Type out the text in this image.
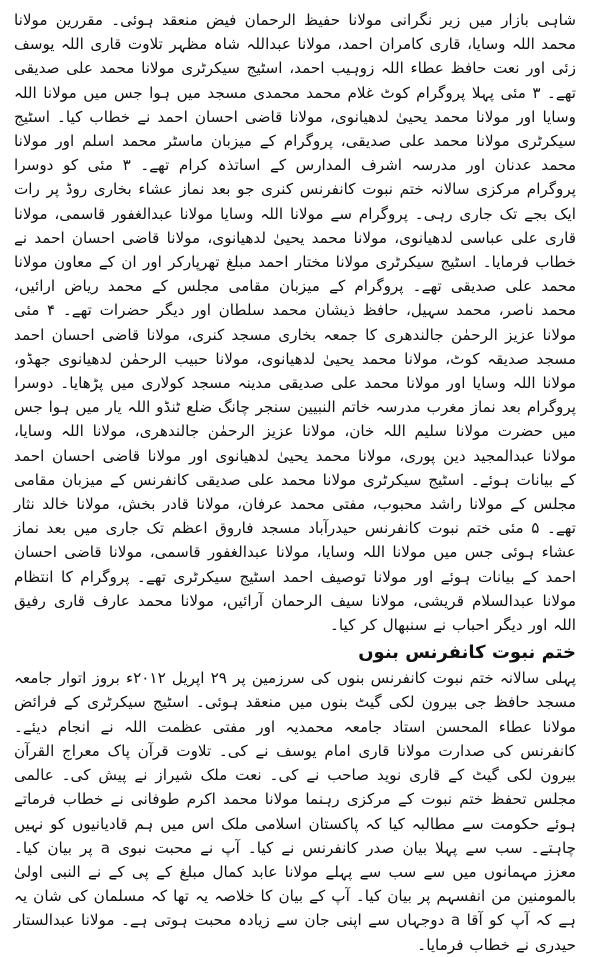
شاہی بازار میں زیر نگرانی مولانا حفیظ الرحمان فیض منعقد ہوئی۔ مقررین مولانا محمد اللہ وسایا، قاری کامران احمد، مولانا عبداللہ شاہ مظہر تلاوت قاری اللہ یوسف زئی اور نعت حافظ عطاء اللہ زوہیب احمد، اسٹیج سیکرٹری مولانا محمد علی صدیقی تھے۔ ۳ مئی پہلا پروگرام کوٹ غلام محمد محمدی مسجد میں ہوا جس میں مولانا اللہ وسایا اور مولانا محمد یحییٰ لدھیانوی، مولانا قاضی احسان احمد نے خطاب کیا۔ اسٹیج سیکرٹری مولانا محمد علی صدیقی، پروگرام کے میزبان ماسٹر محمد اسلم اور مولانا محمد عدنان اور مدرسہ اشرف المدارس کے اساتذہ کرام تھے۔ ۳ مئی کو دوسرا پروگرام مرکزی سالانہ ختم نبوت کانفرنس کنری جو بعد نماز عشاء بخاری روڈ پر رات ایک بجے تک جاری رہی۔ پروگرام سے مولانا اللہ وسایا مولانا عبدالغفور قاسمی، مولانا قاری علی عباسی لدھیانوی، مولانا محمد یحییٰ لدھیانوی، مولانا قاضی احسان احمد نے خطاب فرمایا۔ اسٹیج سیکرٹری مولانا مختار احمد مبلغ تھرپارکر اور ان کے معاون مولانا محمد علی صدیقی تھے۔ پروگرام کے میزبان مقامی مجلس کے محمد ریاض ارائیں، محمد ناصر، محمد سہیل، حافظ ذیشان محمد سلطان اور دیگر حضرات تھے۔ ۴ مئی مولانا عزیز الرحمٰن جالندھری کا جمعہ بخاری مسجد کنری، مولانا قاضی احسان احمد مسجد صدیقہ کوٹ، مولانا محمد یحییٰ لدھیانوی، مولانا حبیب الرحمٰن لدھیانوی جھڈو، مولانا اللہ وسایا اور مولانا محمد علی صدیقی مدینہ مسجد کولاری میں پڑھایا۔ دوسرا پروگرام بعد نماز مغرب مدرسہ خاتم النبیین سنجر چانگ ضلع ٹنڈو اللہ یار میں ہوا جس میں حضرت مولانا سلیم اللہ خان، مولانا عزیز الرحمٰن جالندھری، مولانا اللہ وسایا، مولانا عبدالمجید دین پوری، مولانا محمد یحییٰ لدھیانوی اور مولانا قاضی احسان احمد کے بیانات ہوئے۔ اسٹیج سیکرٹری مولانا محمد علی صدیقی کانفرنس کے میزبان مقامی مجلس کے مولانا راشد محبوب، مفتی محمد عرفان، مولانا قادر بخش، مولانا خالد نثار تھے۔ ۵ مئی ختم نبوت کانفرنس حیدرآباد مسجد فاروق اعظم تک جاری میں بعد نماز عشاء ہوئی جس میں مولانا اللہ وسایا، مولانا عبدالغفور قاسمی، مولانا قاضی احسان احمد کے بیانات ہوئے اور مولانا توصیف احمد اسٹیج سیکرٹری تھے۔ پروگرام کا انتظام مولانا عبدالسلام قریشی، مولانا سیف الرحمان آرائیں، مولانا محمد عارف قاری رفیق اللہ اور دیگر احباب نے سنبھال کر کیا۔

ختم نبوت کانفرنس بنوں

پہلی سالانہ ختم نبوت کانفرنس بنوں کی سرزمین پر ۲۹ اپریل ۲۰۱۲ء بروز اتوار جامعہ مسجد حافظ جی بیرون لکی گیٹ بنوں میں منعقد ہوئی۔ اسٹیج سیکرٹری کے فرائض مولانا عطاء المحسن استاد جامعہ محمدیہ اور مفتی عظمت اللہ نے انجام دیئے۔ کانفرنس کی صدارت مولانا قاری امام یوسف نے کی۔ تلاوت قرآن پاک معراج القرآن بیرون لکی گیٹ کے قاری نوید صاحب نے کی۔ نعت ملک شیراز نے پیش کی۔ عالمی مجلس تحفظ ختم نبوت کے مرکزی رہنما مولانا محمد اکرم طوفانی نے خطاب فرماتے ہوئے حکومت سے مطالبہ کیا کہ پاکستان اسلامی ملک اس میں ہم قادیانیوں کو نہیں چاہتے۔ سب سے پہلا بیان صدر کانفرنس نے کیا۔ آپ نے محبت نبوی a پر بیان کیا۔ معزز مہمانوں میں سے سب سے پہلے مولانا عابد کمال مبلغ کے پی کے نے النبی اولیٰ بالمومنین من انفسہم پر بیان کیا۔ آپ کے بیان کا خلاصہ یہ تھا کہ مسلمان کی شان یہ ہے کہ آپ کو آقا a دوجہاں سے اپنی جان سے زیادہ محبت ہوتی ہے۔ مولانا عبدالستار حیدری نے خطاب فرمایا۔
